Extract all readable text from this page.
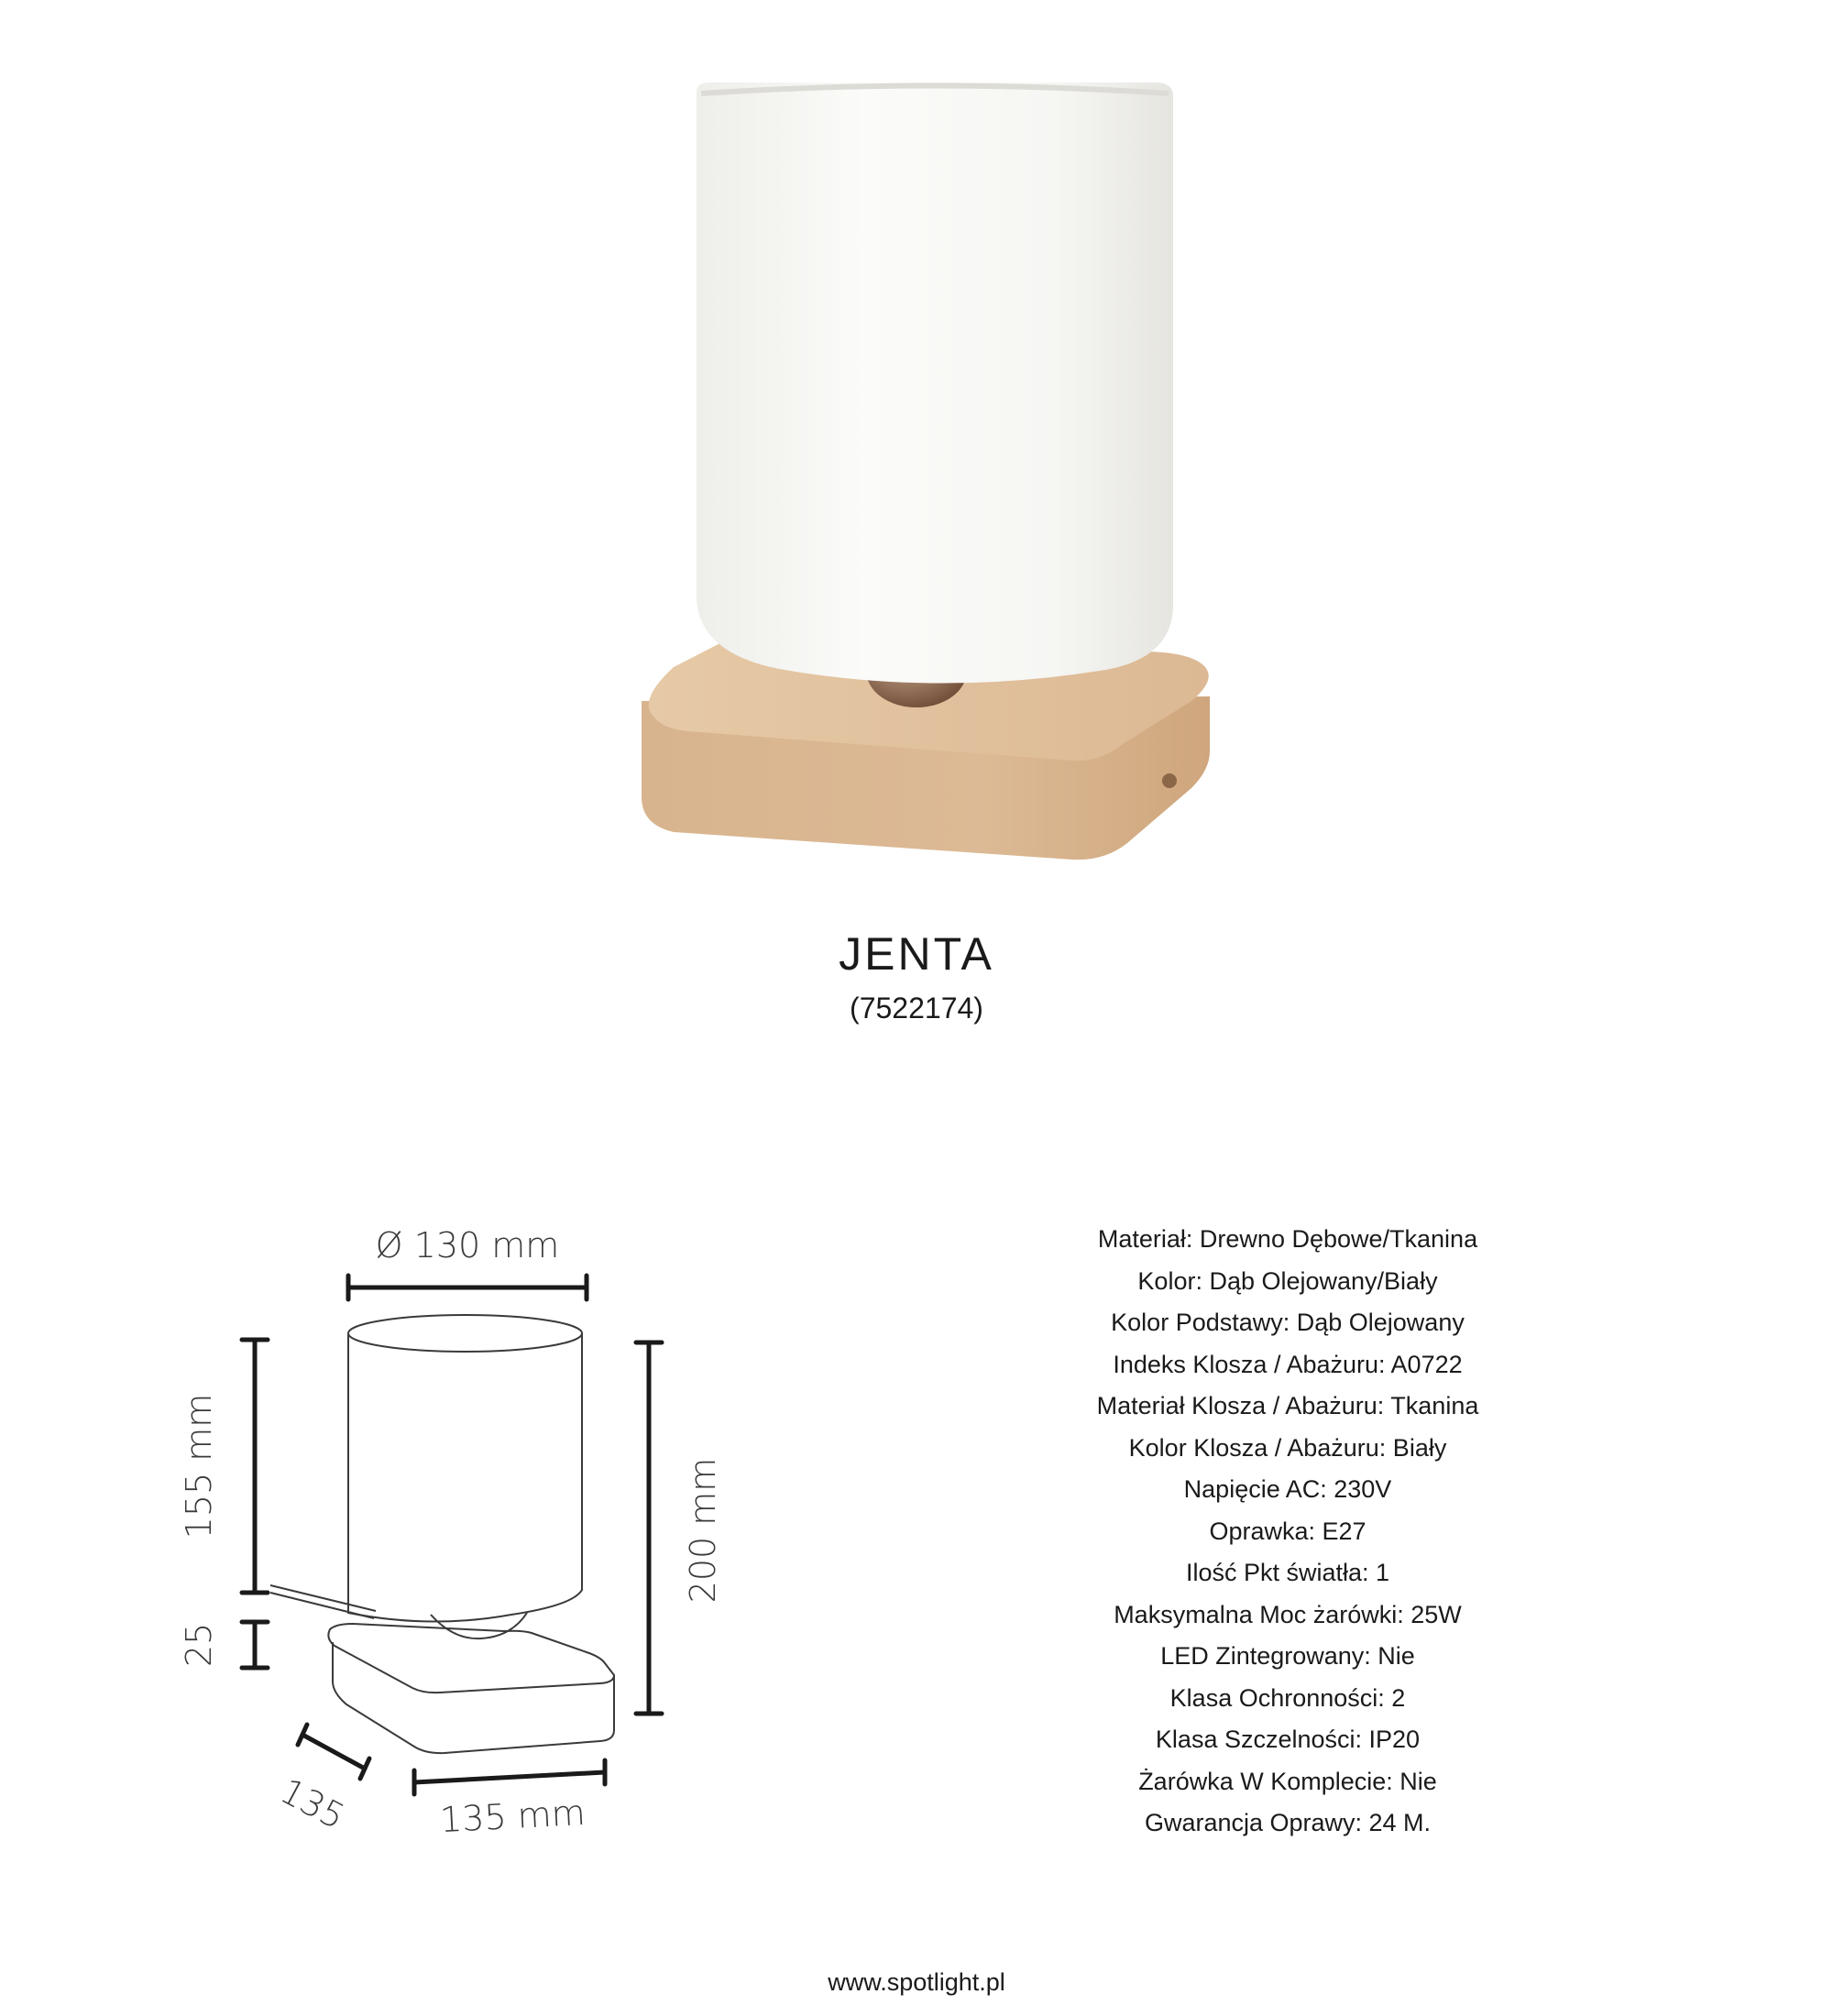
JENTA
(7522174)
Ø 130 mm
155 mm
25
200 mm
135	135 mm
Materiał: Drewno Dębowe/Tkanina
Kolor: Dąb Olejowany/Biały
Kolor Podstawy: Dąb Olejowany
Indeks Klosza / Abażuru: A0722
Materiał Klosza / Abażuru: Tkanina
Kolor Klosza / Abażuru: Biały
Napięcie AC: 230V
Oprawka: E27
Ilość Pkt światła: 1
Maksymalna Moc żarówki: 25W
LED Zintegrowany: Nie
Klasa Ochronności: 2
Klasa Szczelności: IP20
Żarówka W Komplecie: Nie
Gwarancja Oprawy: 24 M.
www.spotlight.pl
